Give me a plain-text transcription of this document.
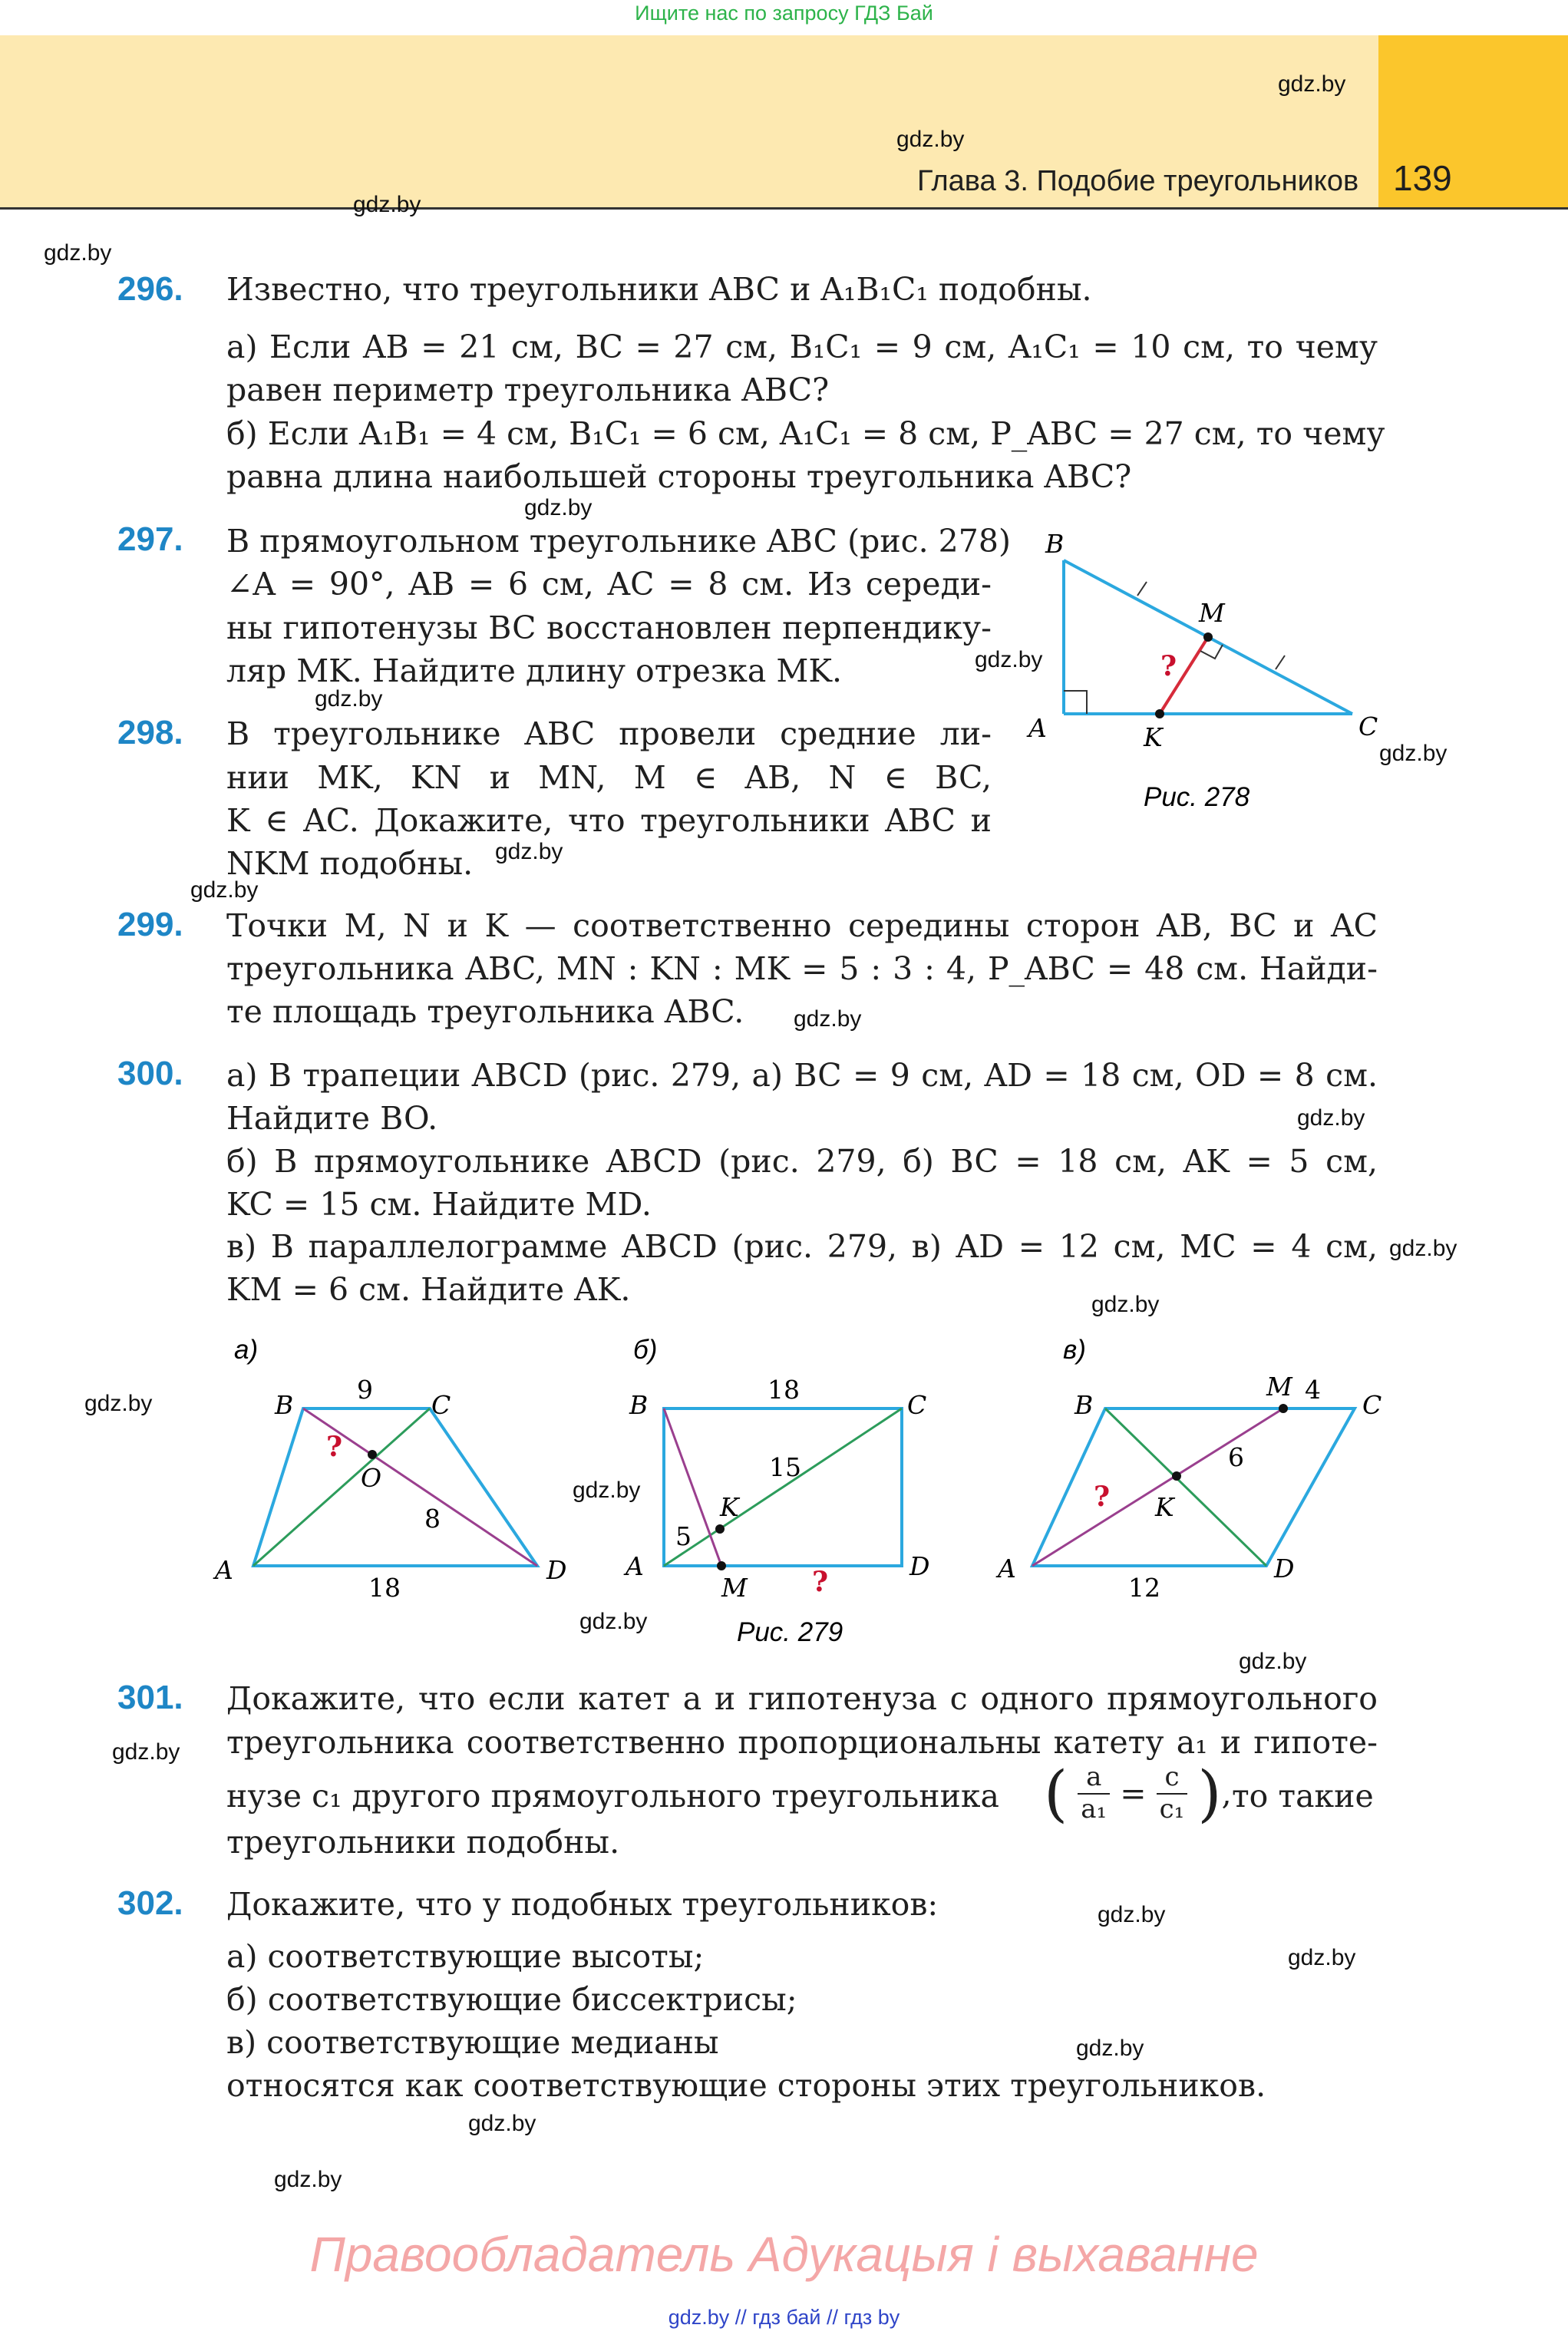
Ищите нас по запросу ГДЗ Бай
Глава 3. Подобие треугольников 139
gdz.by
gdz.by
gdz.by
gdz.by
gdz.by
gdz.by
gdz.by
gdz.by
gdz.by
gdz.by
gdz.by
gdz.by
gdz.by
gdz.by
gdz.by
gdz.by
gdz.by
gdz.by
gdz.by
gdz.by
gdz.by
gdz.by
gdz.by
gdz.by
296. Известно, что треугольники ABC и A₁B₁C₁ подобны.
а) Если AB = 21 см, BC = 27 см, B₁C₁ = 9 см, A₁C₁ = 10 см, то чему
равен периметр треугольника ABC?
б) Если A₁B₁ = 4 см, B₁C₁ = 6 см, A₁C₁ = 8 см, P_ABC = 27 см, то чему
равна длина наибольшей стороны треугольника ABC?
297. В прямоугольном треугольнике ABC (рис. 278)
∠A = 90°, AB = 6 см, AC = 8 см. Из середи-
ны гипотенузы BC восстановлен перпендику-
ляр MK. Найдите длину отрезка MK.
298. В треугольнике ABC провели средние ли-
нии MK, KN и MN, M ∈ AB, N ∈ BC,
K ∈ AC. Докажите, что треугольники ABC и
NKM подобны.
B
M
A	K	C
?
Рис. 278
299. Точки M, N и K — соответственно середины сторон AB, BC и AC
треугольника ABC, MN : KN : MK = 5 : 3 : 4, P_ABC = 48 см. Найди-
те площадь треугольника ABC.
300. а) В трапеции ABCD (рис. 279, а) BC = 9 см, AD = 18 см, OD = 8 см.
Найдите BO.
б) В прямоугольнике ABCD (рис. 279, б) BC = 18 см, AK = 5 см,
KC = 15 см. Найдите MD.
в) В параллелограмме ABCD (рис. 279, в) AD = 12 см, MC = 4 см,
KM = 6 см. Найдите AK.
а)
B	C
A	D
O
9
18
8
?
б)
B	C
A	D
K
M
18
15
5
?
в)
B	C
A	D
K
M 4
6
12
?
Рис. 279
301. Докажите, что если катет a и гипотенуза c одного прямоугольного
треугольника соответственно пропорциональны катету a₁ и гипоте-
нузе c₁ другого прямоугольного треугольника ( $\frac{a}{\text{a₁}} = \frac{c}{\text{c₁}}$ ), то такие
треугольники подобны.
302. Докажите, что у подобных треугольников:
а) соответствующие высоты;
б) соответствующие биссектрисы;
в) соответствующие медианы
относятся как соответствующие стороны этих треугольников.
Правообладатель Адукацыя і выхаванне
gdz.by // гдз бай // гдз by
